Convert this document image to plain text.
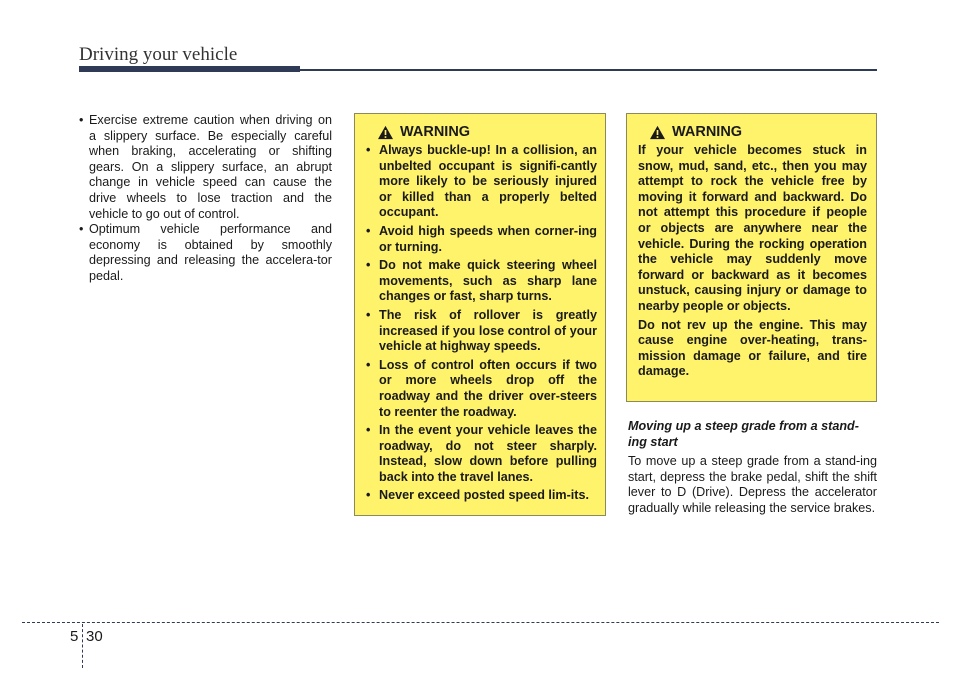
Driving your vehicle
• Exercise extreme caution when driving on a slippery surface. Be especially careful when braking, accelerating or shifting gears. On a slippery surface, an abrupt change in vehicle speed can cause the drive wheels to lose traction and the vehicle to go out of control.
• Optimum vehicle performance and economy is obtained by smoothly depressing and releasing the accelera-tor pedal.
WARNING
• Always buckle-up! In a collision, an unbelted occupant is signifi-cantly more likely to be seriously injured or killed than a properly belted occupant.
• Avoid high speeds when corner-ing or turning.
• Do not make quick steering wheel movements, such as sharp lane changes or fast, sharp turns.
• The risk of rollover is greatly increased if you lose control of your vehicle at highway speeds.
• Loss of control often occurs if two or more wheels drop off the roadway and the driver over-steers to reenter the roadway.
• In the event your vehicle leaves the roadway, do not steer sharply. Instead, slow down before pulling back into the travel lanes.
• Never exceed posted speed lim-its.
WARNING

If your vehicle becomes stuck in snow, mud, sand, etc., then you may attempt to rock the vehicle free by moving it forward and backward. Do not attempt this procedure if people or objects are anywhere near the vehicle. During the rocking operation the vehicle may suddenly move forward or backward as it becomes unstuck, causing injury or damage to nearby people or objects.

Do not rev up the engine. This may cause engine over-heating, trans-mission damage or failure, and tire damage.

Moving up a steep grade from a stand-ing start

To move up a steep grade from a stand-ing start, depress the brake pedal, shift the shift lever to D (Drive). Depress the accelerator gradually while releasing the service brakes.

5 30
